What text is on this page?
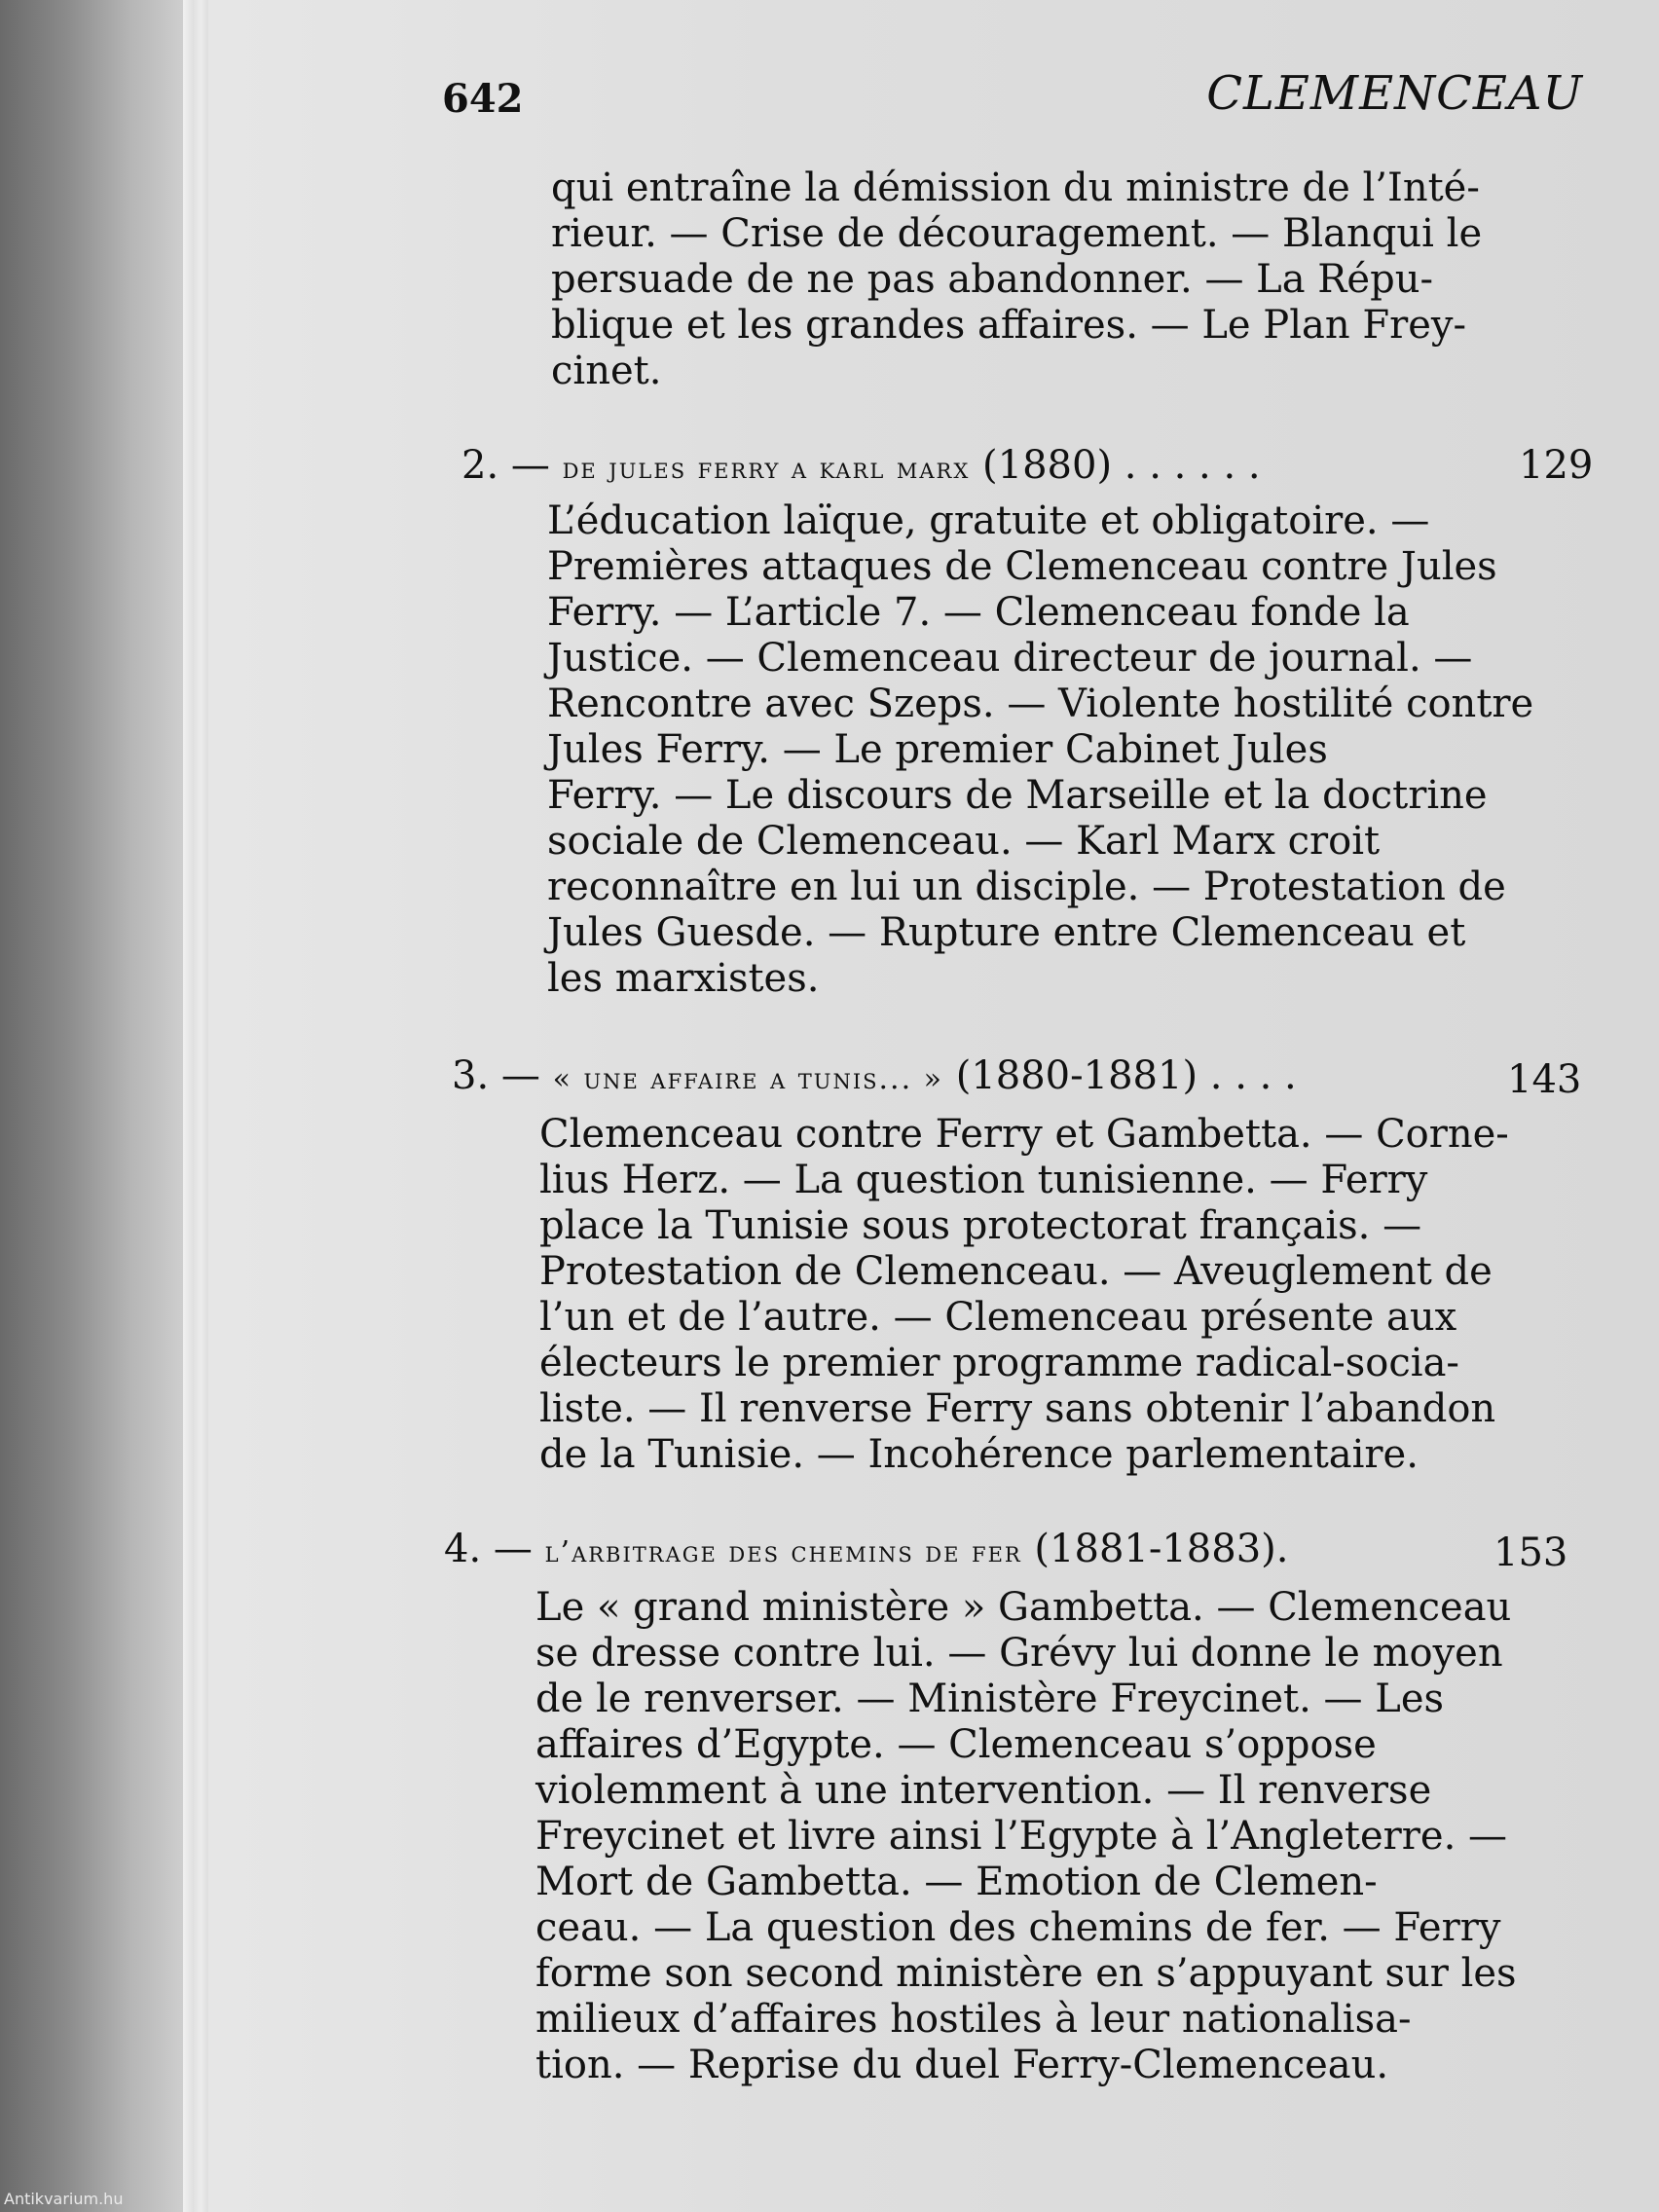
642	CLEMENCEAU
qui entraîne la démission du ministre de l’Inté-
rieur. — Crise de découragement. — Blanqui le
persuade de ne pas abandonner. — La Répu-
blique et les grandes affaires. — Le Plan Frey-
cinet.
2. — de jules ferry a karl marx (1880) . . . . . .	129
L’éducation laïque, gratuite et obligatoire. —
Premières attaques de Clemenceau contre Jules
Ferry. — L’article 7. — Clemenceau fonde la
Justice. — Clemenceau directeur de journal. —
Rencontre avec Szeps. — Violente hostilité contre
Jules Ferry. — Le premier Cabinet Jules
Ferry. — Le discours de Marseille et la doctrine
sociale de Clemenceau. — Karl Marx croit
reconnaître en lui un disciple. — Protestation de
Jules Guesde. — Rupture entre Clemenceau et
les marxistes.
3. — « une affaire a tunis... » (1880-1881) . . . .	143
Clemenceau contre Ferry et Gambetta. — Corne-
lius Herz. — La question tunisienne. — Ferry
place la Tunisie sous protectorat français. —
Protestation de Clemenceau. — Aveuglement de
l’un et de l’autre. — Clemenceau présente aux
électeurs le premier programme radical-socia-
liste. — Il renverse Ferry sans obtenir l’abandon
de la Tunisie. — Incohérence parlementaire.
4. — l’arbitrage des chemins de fer (1881-1883).	153
Le « grand ministère » Gambetta. — Clemenceau
se dresse contre lui. — Grévy lui donne le moyen
de le renverser. — Ministère Freycinet. — Les
affaires d’Egypte. — Clemenceau s’oppose
violemment à une intervention. — Il renverse
Freycinet et livre ainsi l’Egypte à l’Angleterre. —
Mort de Gambetta. — Emotion de Clemen-
ceau. — La question des chemins de fer. — Ferry
forme son second ministère en s’appuyant sur les
milieux d’affaires hostiles à leur nationalisa-
tion. — Reprise du duel Ferry-Clemenceau.
Antikvarium.hu
